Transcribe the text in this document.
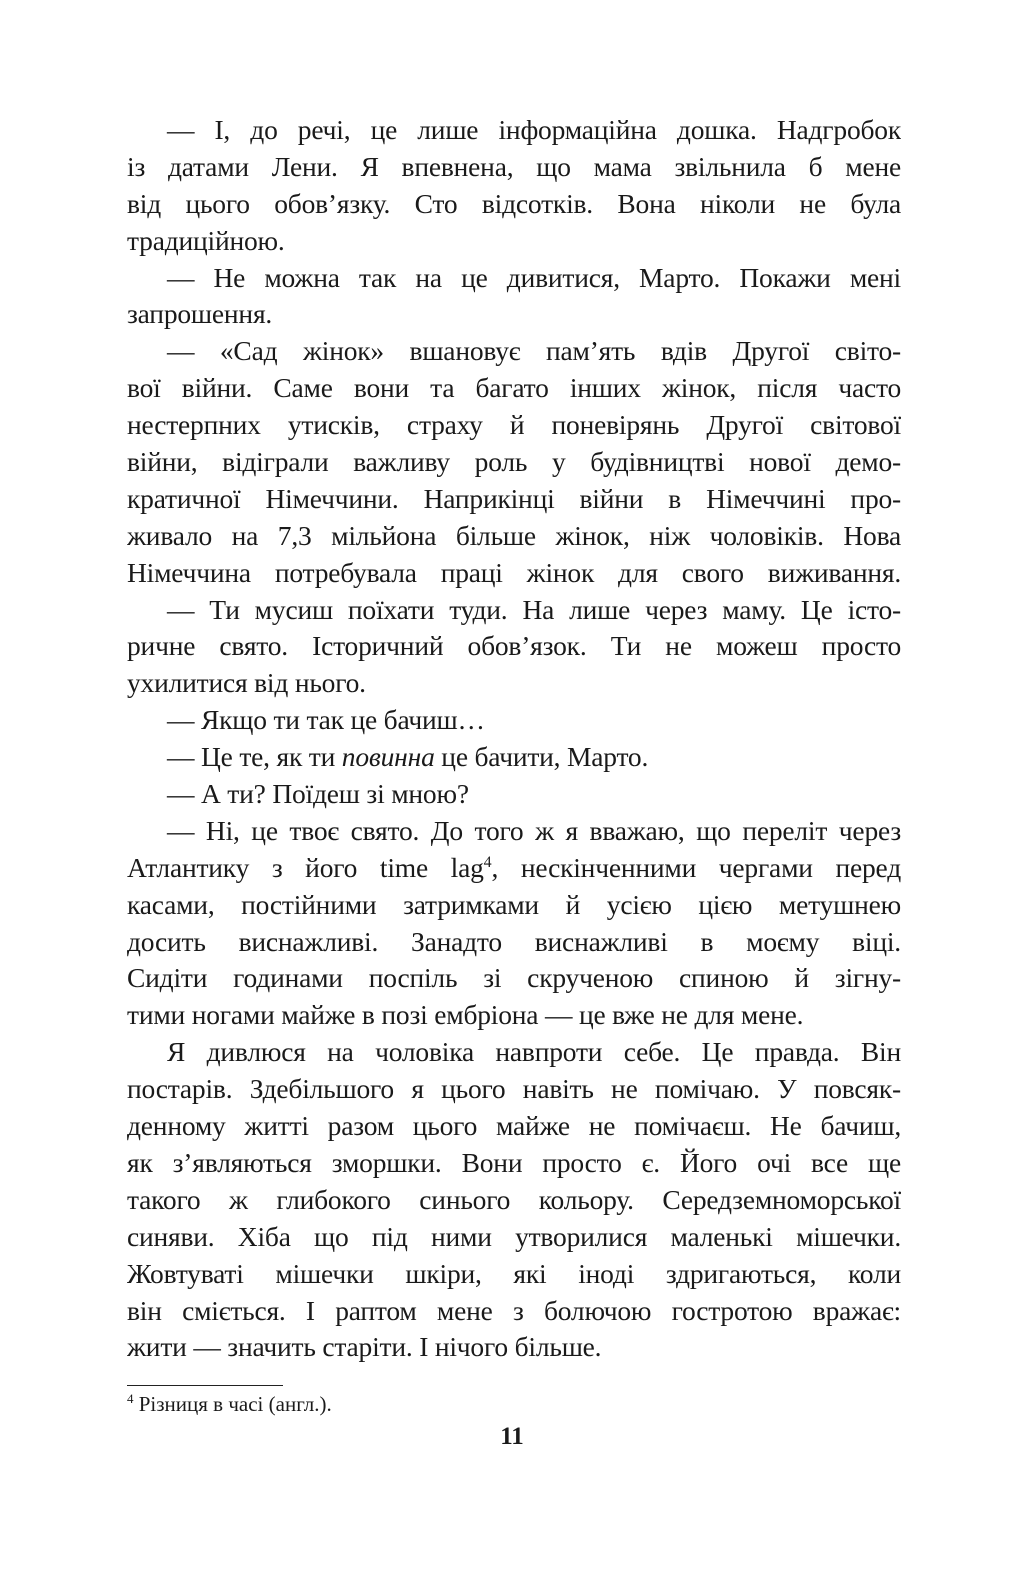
— І, до речі, це лише інформаційна дошка. Надгробок
із датами Лени. Я впевнена, що мама звільнила б мене
від цього обов’язку. Сто відсотків. Вона ніколи не була
традиційною.
— Не можна так на це дивитися, Марто. Покажи мені
запрошення.
— «Сад жінок» вшановує пам’ять вдів Другої світо-
вої війни. Саме вони та багато інших жінок, після часто
нестерпних утисків, страху й поневірянь Другої світової
війни, відіграли важливу роль у будівництві нової демо-
кратичної Німеччини. Наприкінці війни в Німеччині про-
живало на 7,3 мільйона більше жінок, ніж чоловіків. Нова
Німеччина потребувала праці жінок для свого виживання.
— Ти мусиш поїхати туди. На лише через маму. Це істо-
ричне свято. Історичний обов’язок. Ти не можеш просто
ухилитися від нього.
— Якщо ти так це бачиш…
— Це те, як ти повинна це бачити, Марто.
— А ти? Поїдеш зі мною?
— Ні, це твоє свято. До того ж я вважаю, що переліт через
Атлантику з його time lag$^4$, нескінченними чергами перед
касами, постійними затримками й усією цією метушнею
досить виснажливі. Занадто виснажливі в моєму віці.
Сидіти годинами поспіль зі скрученою спиною й зігну-
тими ногами майже в позі ембріона — це вже не для мене.
Я дивлюся на чоловіка навпроти себе. Це правда. Він
постарів. Здебільшого я цього навіть не помічаю. У повсяк-
денному житті разом цього майже не помічаєш. Не бачиш,
як з’являються зморшки. Вони просто є. Його очі все ще
такого ж глибокого синього кольору. Середземноморської
синяви. Хіба що під ними утворилися маленькі мішечки.
Жовтуваті мішечки шкіри, які іноді здригаються, коли
він сміється. І раптом мене з болючою гостротою вражає:
жити — значить старіти. І нічого більше.
$^4$ Різниця в часі (англ.).
11
